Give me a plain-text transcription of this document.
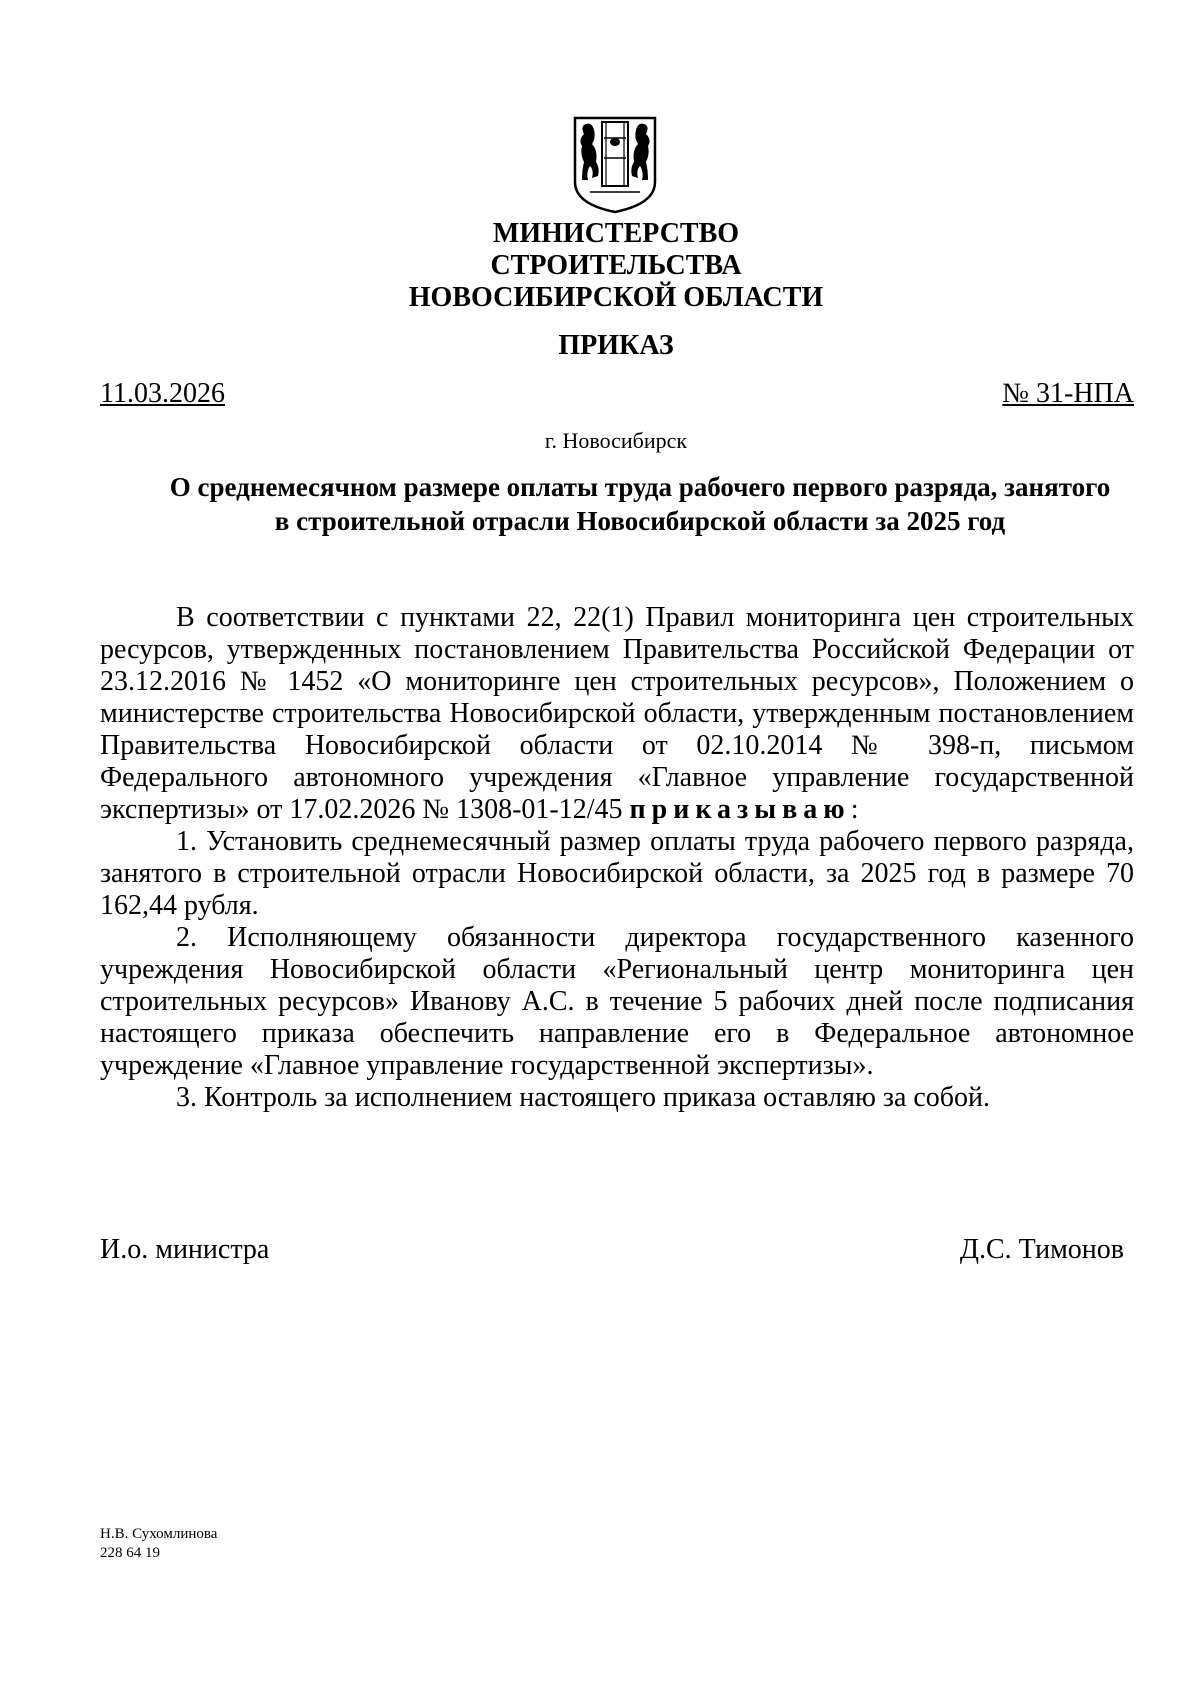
МИНИСТЕРСТВО
СТРОИТЕЛЬСТВА
НОВОСИБИРСКОЙ ОБЛАСТИ
ПРИКАЗ
11.03.2026	№ 31-НПА
г. Новосибирск
О среднемесячном размере оплаты труда рабочего первого разряда, занятого в строительной отрасли Новосибирской области за 2025 год

В соответствии с пунктами 22, 22(1) Правил мониторинга цен строительных ресурсов, утвержденных постановлением Правительства Российской Федерации от 23.12.2016 № 1452 «О мониторинге цен строительных ресурсов», Положением о министерстве строительства Новосибирской области, утвержденным постановлением Правительства Новосибирской области от 02.10.2014 № 398-п, письмом Федерального автономного учреждения «Главное управление государственной экспертизы» от 17.02.2026 № 1308-01-12/45 приказываю:

1. Установить среднемесячный размер оплаты труда рабочего первого разряда, занятого в строительной отрасли Новосибирской области, за 2025 год в размере 70 162,44 рубля.

2. Исполняющему обязанности директора государственного казенного учреждения Новосибирской области «Региональный центр мониторинга цен строительных ресурсов» Иванову А.С. в течение 5 рабочих дней после подписания настоящего приказа обеспечить направление его в Федеральное автономное учреждение «Главное управление государственной экспертизы».

3. Контроль за исполнением настоящего приказа оставляю за собой.

И.о. министра	Д.С. Тимонов
Н.В. Сухомлинова
228 64 19
